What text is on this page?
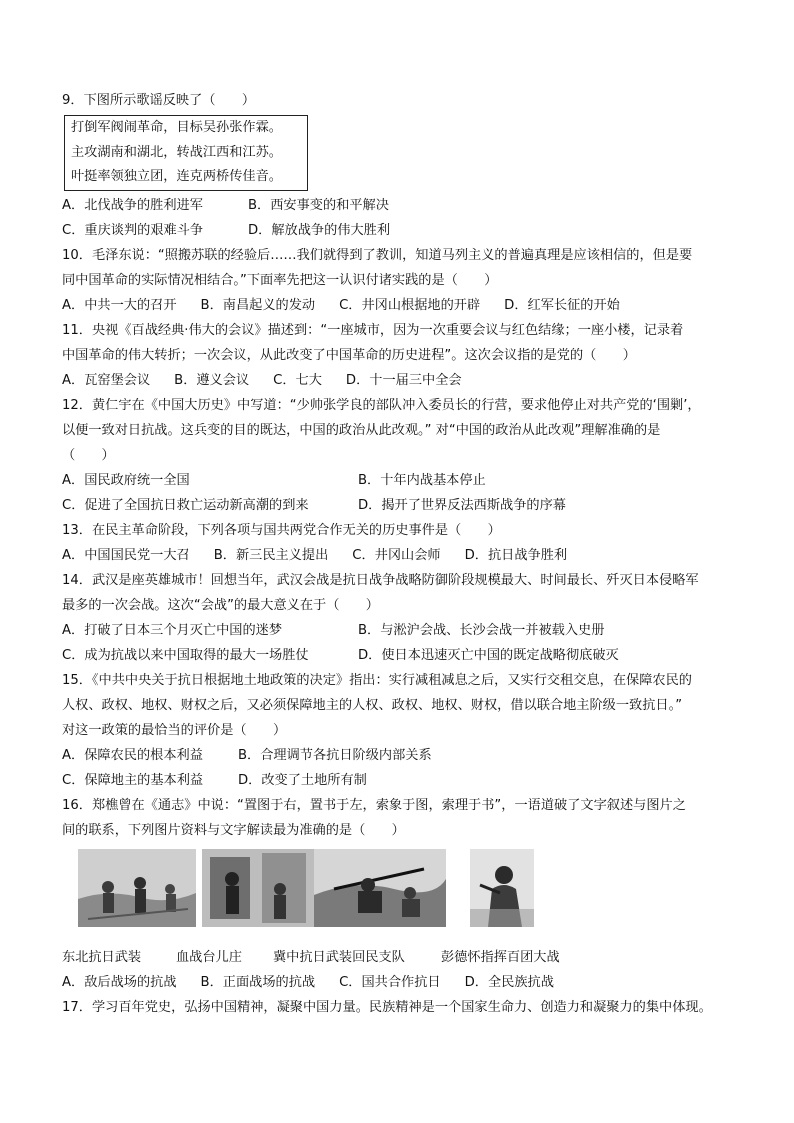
9．下图所示歌谣反映了（　　）
打倒军阀闹革命，目标吴孙张作霖。
主攻湖南和湖北，转战江西和江苏。
叶挺率领独立团，连克两桥传佳音。
A．北伐战争的胜利进军	B．西安事变的和平解决
C．重庆谈判的艰难斗争	D．解放战争的伟大胜利
10．毛泽东说：“照搬苏联的经验后……我们就得到了教训，知道马列主义的普遍真理是应该相信的，但是要
同中国革命的实际情况相结合。”下面率先把这一认识付诸实践的是（　　）
A．中共一大的召开 B．南昌起义的发动 C．井冈山根据地的开辟 D．红军长征的开始
11．央视《百战经典·伟大的会议》描述到：“一座城市，因为一次重要会议与红色结缘；一座小楼，记录着
中国革命的伟大转折；一次会议，从此改变了中国革命的历史进程”。这次会议指的是党的（　　）
A．瓦窑堡会议 B．遵义会议 C．七大 D．十一届三中全会
12．黄仁宇在《中国大历史》中写道：“少帅张学良的部队冲入委员长的行营，要求他停止对共产党的‘围剿’，
以便一致对日抗战。这兵变的目的既达，中国的政治从此改观。” 对“中国的政治从此改观”理解准确的是
（　　）
A．国民政府统一全国	B．十年内战基本停止
C．促进了全国抗日救亡运动新高潮的到来	D．揭开了世界反法西斯战争的序幕
13．在民主革命阶段，下列各项与国共两党合作无关的历史事件是（　　）
A．中国国民党一大召 B．新三民主义提出 C．井冈山会师 D．抗日战争胜利
14．武汉是座英雄城市！回想当年，武汉会战是抗日战争战略防御阶段规模最大、时间最长、歼灭日本侵略军
最多的一次会战。这次“会战”的最大意义在于（　　）
A．打破了日本三个月灭亡中国的迷梦	B．与淞沪会战、长沙会战一并被载入史册
C．成为抗战以来中国取得的最大一场胜仗	D．使日本迅速灭亡中国的既定战略彻底破灭
15．《中共中央关于抗日根据地土地政策的决定》指出：实行减租减息之后，又实行交租交息，在保障农民的
人权、政权、地权、财权之后，又必须保障地主的人权、政权、地权、财权，借以联合地主阶级一致抗日。”
对这一政策的最恰当的评价是（　　）
A．保障农民的根本利益	B．合理调节各抗日阶级内部关系
C．保障地主的基本利益	D．改变了土地所有制
16．郑樵曾在《通志》中说：“置图于右，置书于左，索象于图，索理于书”，一语道破了文字叙述与图片之
间的联系，下列图片资料与文字解读最为准确的是（　　）
东北抗日武装	血战台儿庄	冀中抗日武装回民支队	彭德怀指挥百团大战
A．敌后战场的抗战 B．正面战场的抗战 C．国共合作抗日 D．全民族抗战
17．学习百年党史，弘扬中国精神，凝聚中国力量。民族精神是一个国家生命力、创造力和凝聚力的集中体现。
